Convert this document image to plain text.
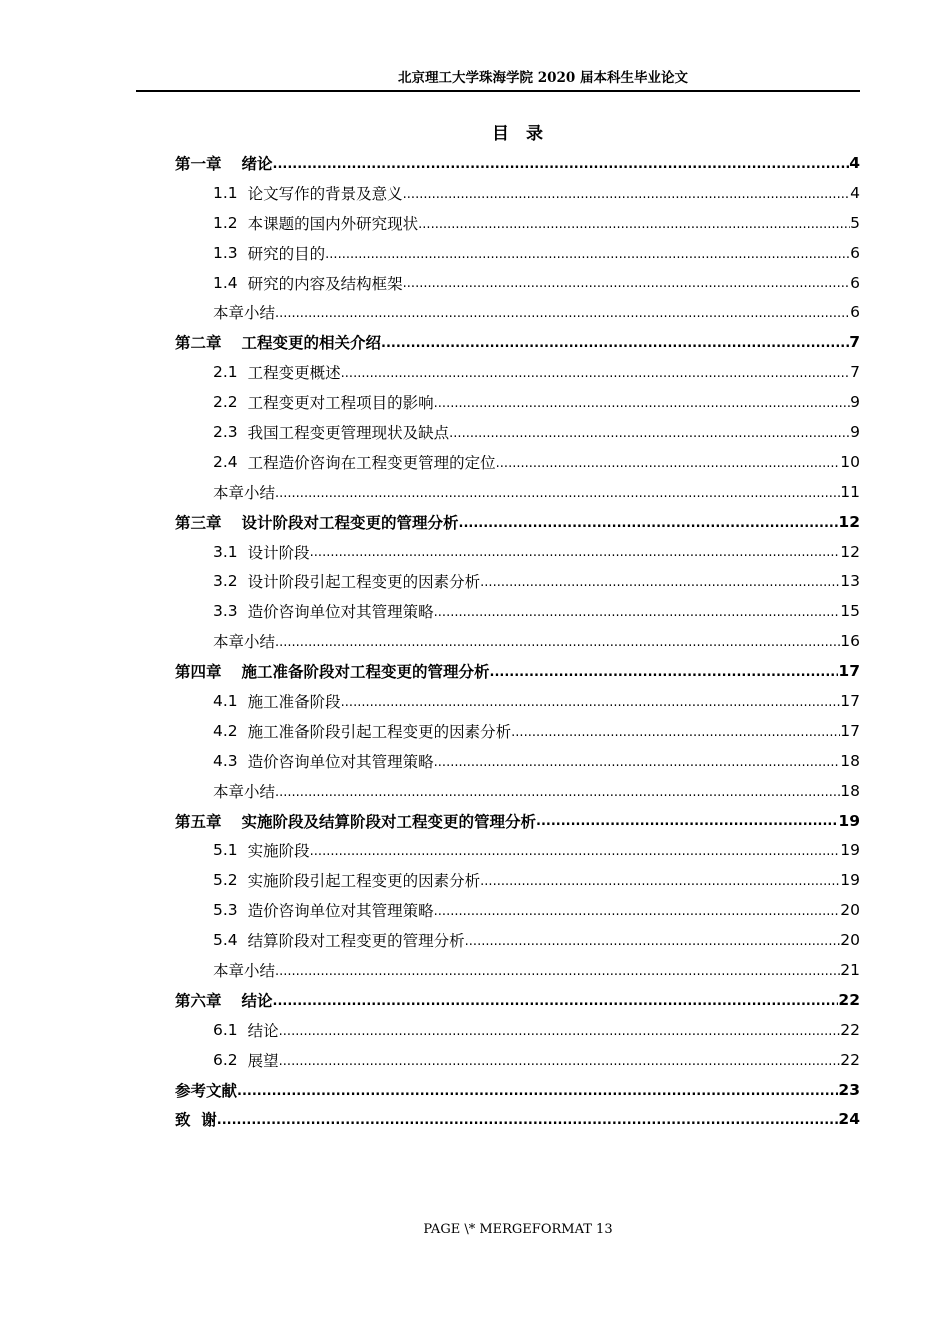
北京理工大学珠海学院 2020 届本科生毕业论文
目 录
第一章 绪论 .....	4
1.1 论文写作的背景及意义 .....	4
1.2 本课题的国内外研究现状 .....	5
1.3 研究的目的 .....	6
1.4 研究的内容及结构框架 .....	6
本章小结 .....	6
第二章 工程变更的相关介绍 .....	7
2.1 工程变更概述 .....	7
2.2 工程变更对工程项目的影响 .....	9
2.3 我国工程变更管理现状及缺点 .....	9
2.4 工程造价咨询在工程变更管理的定位 .....	10
本章小结 .....	11
第三章 设计阶段对工程变更的管理分析 .....	12
3.1 设计阶段 .....	12
3.2 设计阶段引起工程变更的因素分析 .....	13
3.3 造价咨询单位对其管理策略 .....	15
本章小结 .....	16
第四章 施工准备阶段对工程变更的管理分析 .....	17
4.1 施工准备阶段 .....	17
4.2 施工准备阶段引起工程变更的因素分析 .....	17
4.3 造价咨询单位对其管理策略 .....	18
本章小结 .....	18
第五章 实施阶段及结算阶段对工程变更的管理分析 .....	19
5.1 实施阶段 .....	19
5.2 实施阶段引起工程变更的因素分析 .....	19
5.3 造价咨询单位对其管理策略 .....	20
5.4 结算阶段对工程变更的管理分析 .....	20
本章小结 .....	21
第六章 结论 .....	22
6.1 结论 .....	22
6.2 展望 .....	22
参考文献 .....	23
致  谢 .....	24
PAGE \* MERGEFORMAT 13
